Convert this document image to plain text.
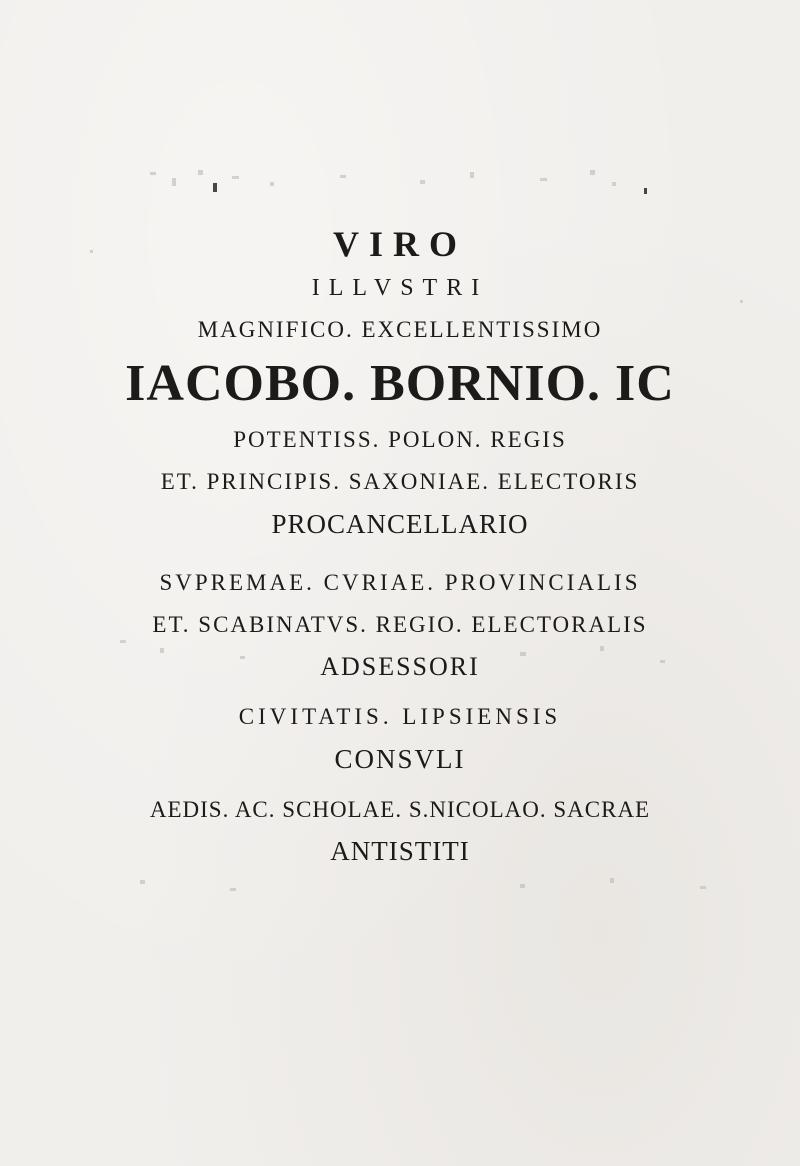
VIRO
ILLVSTRI
MAGNIFICO. EXCELLENTISSIMO
IACOBO. BORNIO. IC
POTENTISS. POLON. REGIS
ET. PRINCIPIS. SAXONIAE. ELECTORIS
PROCANCELLARIO
SVPREMAE. CVRIAE. PROVINCIALIS
ET. SCABINATVS. REGIO. ELECTORALIS
ADSESSORI
CIVITATIS. LIPSIENSIS
CONSVLI
AEDIS. AC. SCHOLAE. S.NICOLAO. SACRAE
ANTISTITI
